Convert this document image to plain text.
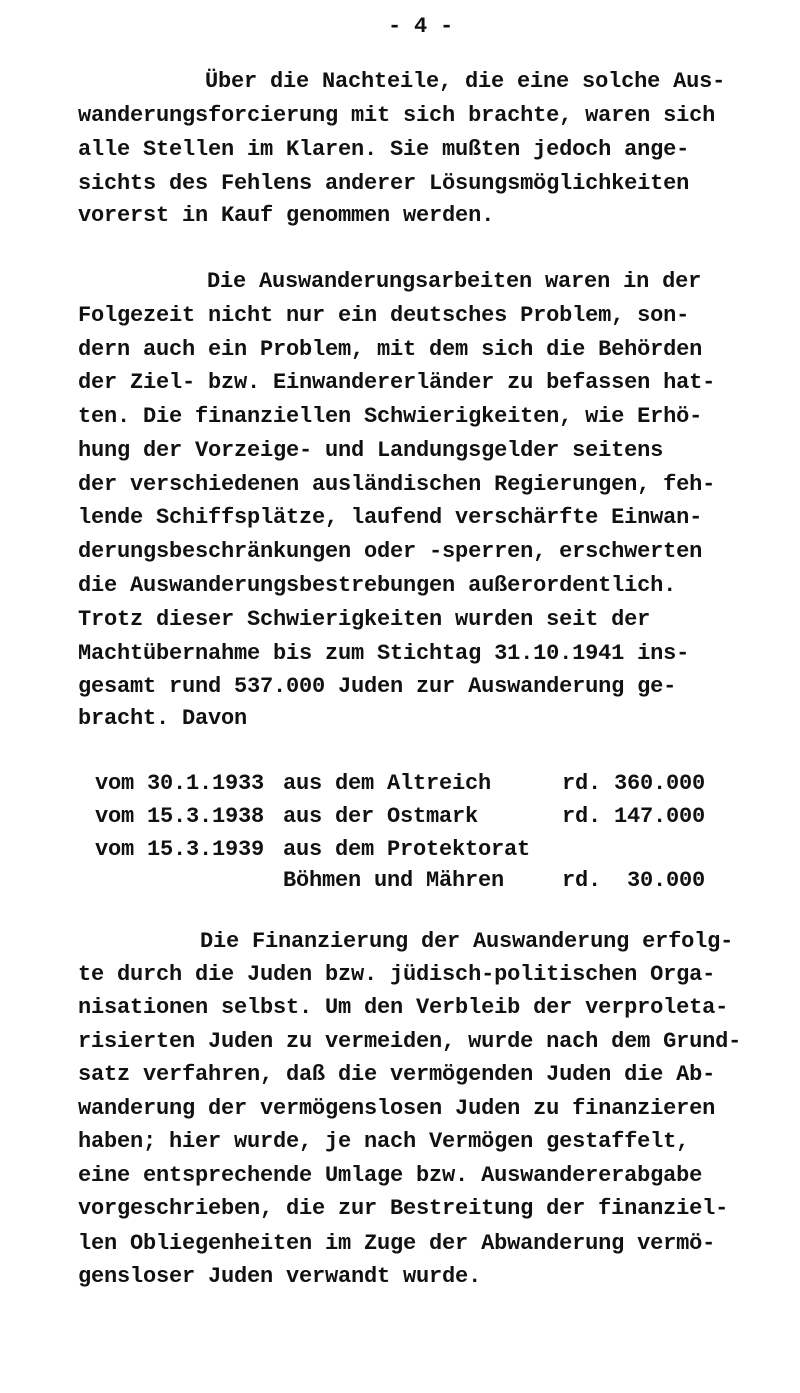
- 4 -
Über die Nachteile, die eine solche Aus-
wanderungsforcierung mit sich brachte, waren sich
alle Stellen im Klaren. Sie mußten jedoch ange-
sichts des Fehlens anderer Lösungsmöglichkeiten
vorerst in Kauf genommen werden.
Die Auswanderungsarbeiten waren in der
Folgezeit nicht nur ein deutsches Problem, son-
dern auch ein Problem, mit dem sich die Behörden
der Ziel- bzw. Einwandererländer zu befassen hat-
ten. Die finanziellen Schwierigkeiten, wie Erhö-
hung der Vorzeige- und Landungsgelder seitens
der verschiedenen ausländischen Regierungen, feh-
lende Schiffsplätze, laufend verschärfte Einwan-
derungsbeschränkungen oder -sperren, erschwerten
die Auswanderungsbestrebungen außerordentlich.
Trotz dieser Schwierigkeiten wurden seit der
Machtübernahme bis zum Stichtag 31.10.1941 ins-
gesamt rund 537.000 Juden zur Auswanderung ge-
bracht. Davon
Die Finanzierung der Auswanderung erfolg-
te durch die Juden bzw. jüdisch-politischen Orga-
nisationen selbst. Um den Verbleib der verproleta-
risierten Juden zu vermeiden, wurde nach dem Grund-
satz verfahren, daß die vermögenden Juden die Ab-
wanderung der vermögenslosen Juden zu finanzieren
haben; hier wurde, je nach Vermögen gestaffelt,
eine entsprechende Umlage bzw. Auswandererabgabe
vorgeschrieben, die zur Bestreitung der finanziel-
len Obliegenheiten im Zuge der Abwanderung vermö-
gensloser Juden verwandt wurde.
vom 30.1.1933 aus dem Altreich	rd. 360.000
vom 15.3.1938 aus der Ostmark	rd. 147.000
vom 15.3.1939 aus dem Protektorat
Böhmen und Mähren	rd.  30.000
